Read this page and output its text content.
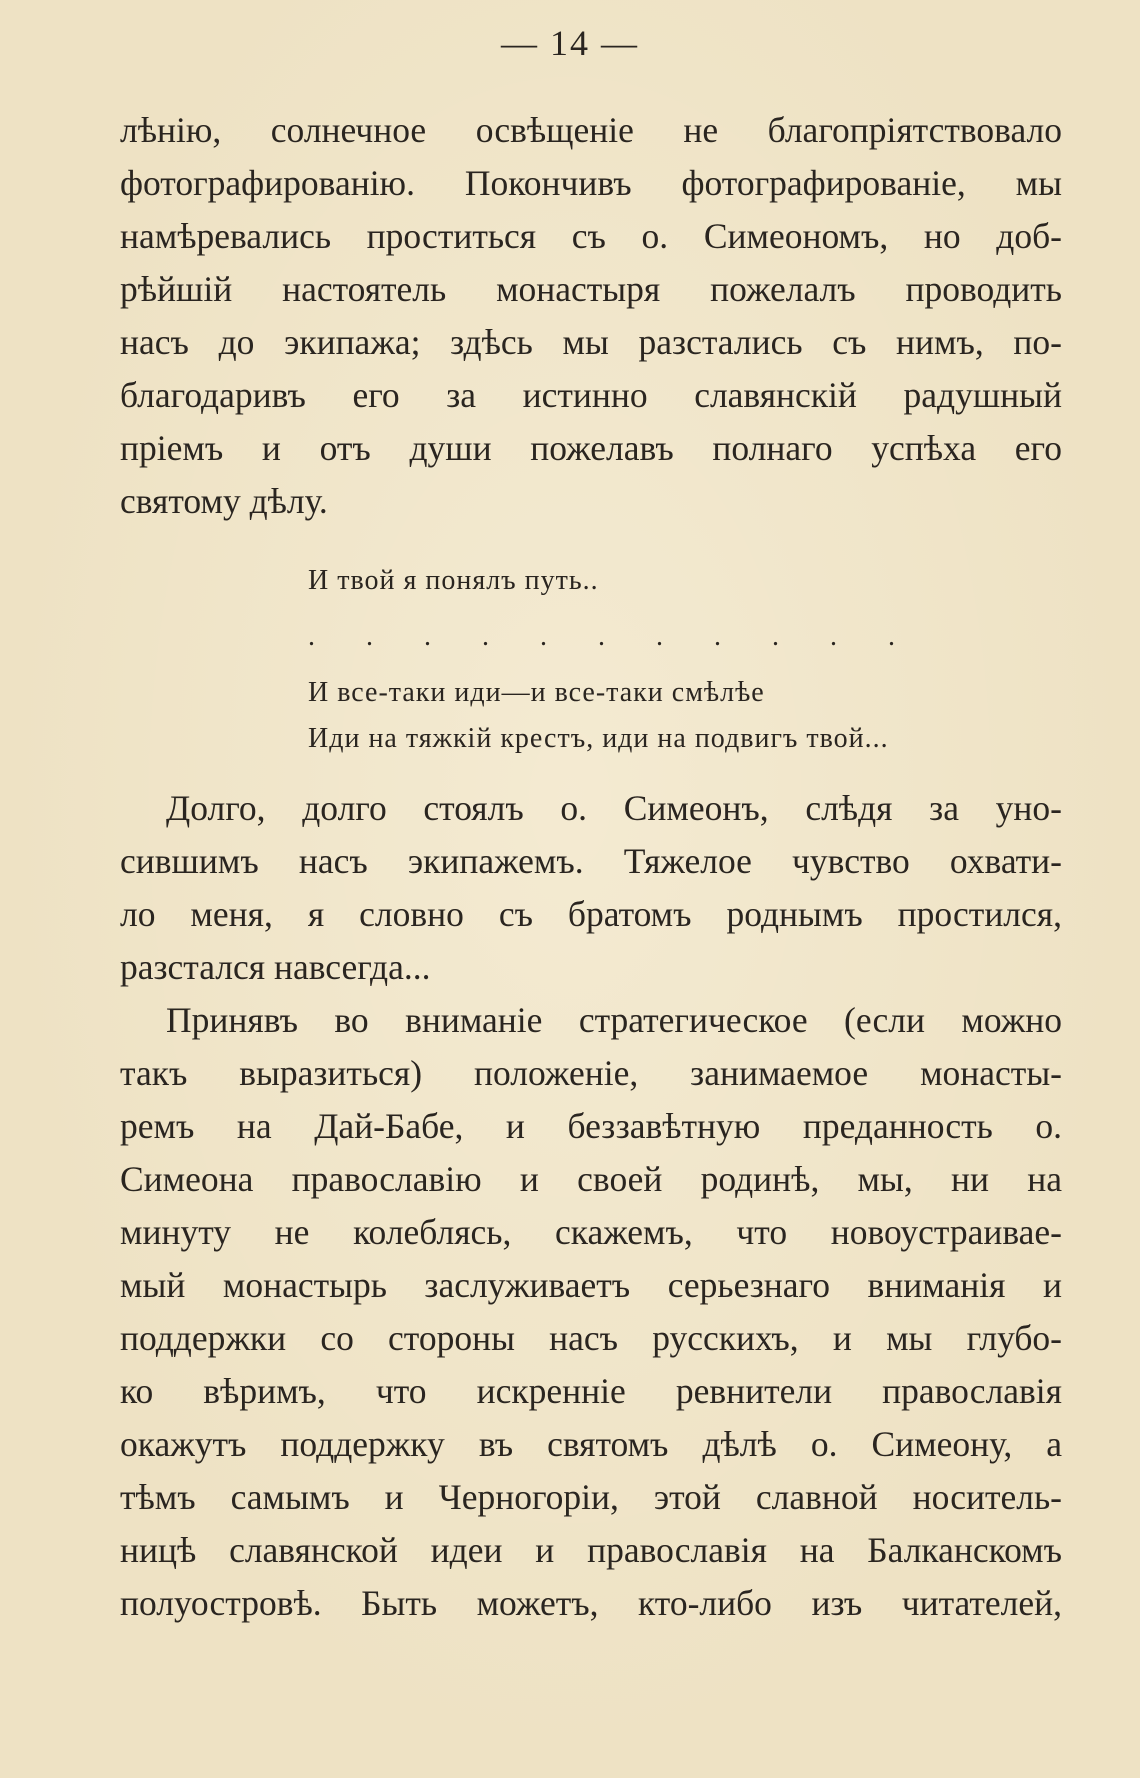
— 14 —
лѣнію, солнечное освѣщеніе не благопріятствовало
фотографированію. Покончивъ фотографированіе, мы
намѣревались проститься съ о. Симеономъ, но доб-
рѣйшій настоятель монастыря пожелалъ проводить
насъ до экипажа; здѣсь мы разстались съ нимъ, по-
благодаривъ его за истинно славянскій радушный
пріемъ и отъ души пожелавъ полнаго успѣха его
святому дѣлу.
И твой я понялъ путь..
. . . . . . . . . . .
И все-таки иди—и все-таки смѣлѣе
Иди на тяжкій крестъ, иди на подвигъ твой...
Долго, долго стоялъ о. Симеонъ, слѣдя за уно-
сившимъ насъ экипажемъ. Тяжелое чувство охвати-
ло меня, я словно съ братомъ роднымъ простился,
разстался навсегда...
Принявъ во вниманіе стратегическое (если можно
такъ выразиться) положеніе, занимаемое монасты-
ремъ на Дай-Бабе, и беззавѣтную преданность о.
Симеона православію и своей родинѣ, мы, ни на
минуту не колеблясь, скажемъ, что новоустраивае-
мый монастырь заслуживаетъ серьезнаго вниманія и
поддержки со стороны насъ русскихъ, и мы глубо-
ко вѣримъ, что искренніе ревнители православія
окажутъ поддержку въ святомъ дѣлѣ о. Симеону, а
тѣмъ самымъ и Черногоріи, этой славной носитель-
ницѣ славянской идеи и православія на Балканскомъ
полуостровѣ. Быть можетъ, кто-либо изъ читателей,
